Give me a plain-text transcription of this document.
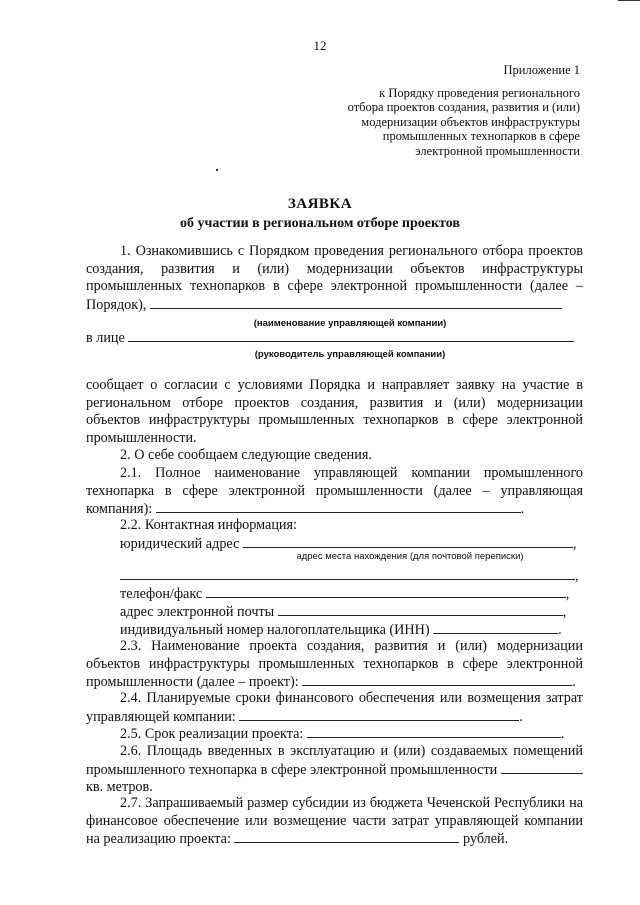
12
Приложение 1
к Порядку проведения регионального
отбора проектов создания, развития и (или)
модернизации объектов инфраструктуры
промышленных технопарков в сфере
электронной промышленности
ЗАЯВКА
об участии в региональном отборе проектов
1. Ознакомившись с Порядком проведения регионального отбора проектов создания, развития и (или) модернизации объектов инфраструктуры промышленных технопарков в сфере электронной промышленности (далее – Порядок),
(наименование управляющей компании)
в лице
(руководитель управляющей компании)
сообщает о согласии с условиями Порядка и направляет заявку на участие в региональном отборе проектов создания, развития и (или) модернизации объектов инфраструктуры промышленных технопарков в сфере электронной промышленности.
2. О себе сообщаем следующие сведения.
2.1. Полное наименование управляющей компании промышленного технопарка в сфере электронной промышленности (далее – управляющая компания):	.
2.2. Контактная информация:
юридический адрес	,
адрес места нахождения (для почтовой переписки)
,
телефон/факс	,
адрес электронной почты	,
индивидуальный номер налогоплательщика (ИНН)	.
2.3. Наименование проекта создания, развития и (или) модернизации объектов инфраструктуры промышленных технопарков в сфере электронной промышленности (далее – проект):	.
2.4. Планируемые сроки финансового обеспечения или возмещения затрат управляющей компании:	.
2.5. Срок реализации проекта:	.
2.6. Площадь введенных в эксплуатацию и (или) создаваемых помещений промышленного технопарка в сфере электронной промышленности  кв. метров.
2.7. Запрашиваемый размер субсидии из бюджета Чеченской Республики на финансовое обеспечение или возмещение части затрат управляющей компании на реализацию проекта:	рублей.
